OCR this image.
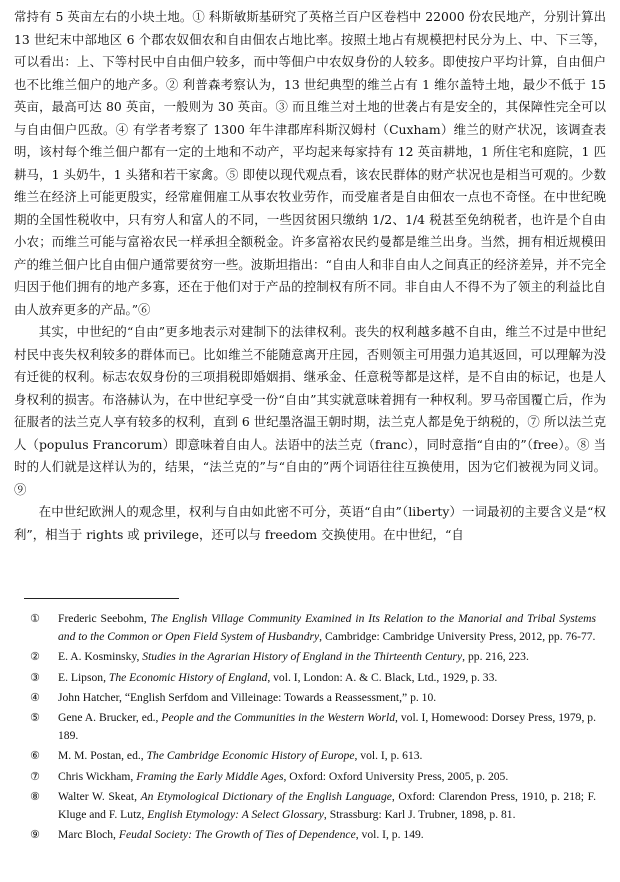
常持有 5 英亩左右的小块土地。① 科斯敏斯基研究了英格兰百户区卷档中 22000 份农民地产，分别计算出 13 世纪末中部地区 6 个郡农奴佃农和自由佃农占地比率。按照土地占有规模把村民分为上、中、下三等，可以看出：上、下等村民中自由佃户较多，而中等佃户中农奴身份的人较多。即使按户平均计算，自由佃户也不比维兰佃户的地产多。② 利普森考察认为，13 世纪典型的维兰占有 1 维尔盖特土地，最少不低于 15 英亩，最高可达 80 英亩，一般则为 30 英亩。③ 而且维兰对土地的世袭占有是安全的，其保障性完全可以与自由佃户匹敌。④ 有学者考察了 1300 年牛津郡库科斯汉姆村（Cuxham）维兰的财产状况，该调查表明，该村每个维兰佃户都有一定的土地和不动产，平均起来每家持有 12 英亩耕地，1 所住宅和庭院，1 匹耕马，1 头奶牛，1 头猪和若干家禽。⑤ 即使以现代观点看，该农民群体的财产状况也是相当可观的。少数维兰在经济上可能更殷实，经常雇佣雇工从事农牧业劳作，而受雇者是自由佃农一点也不奇怪。在中世纪晚期的全国性税收中，只有穷人和富人的不同，一些因贫困只缴纳 1/2、1/4 税甚至免纳税者，也许是个自由小农；而维兰可能与富裕农民一样承担全额税金。许多富裕农民约曼都是维兰出身。当然，拥有相近规模田产的维兰佃户比自由佃户通常要贫穷一些。波斯坦指出：“自由人和非自由人之间真正的经济差异，并不完全归因于他们拥有的地产多寡，还在于他们对于产品的控制权有所不同。非自由人不得不为了领主的利益比自由人放弃更多的产品。”⑥

其实，中世纪的“自由”更多地表示对建制下的法律权利。丧失的权利越多越不自由，维兰不过是中世纪村民中丧失权利较多的群体而已。比如维兰不能随意离开庄园，否则领主可用强力追其返回，可以理解为没有迁徙的权利。标志农奴身份的三项捐税即婚姻捐、继承金、任意税等都是这样，是不自由的标记，也是人身权利的损害。布洛赫认为，在中世纪享受一份“自由”其实就意味着拥有一种权利。罗马帝国覆亡后，作为征服者的法兰克人享有较多的权利，直到 6 世纪墨洛温王朝时期，法兰克人都是免于纳税的，⑦ 所以法兰克人（populus Francorum）即意味着自由人。法语中的法兰克（franc），同时意指“自由的”（free）。⑧ 当时的人们就是这样认为的，结果，“法兰克的”与“自由的”两个词语往往互换使用，因为它们被视为同义词。⑨

在中世纪欧洲人的观念里，权利与自由如此密不可分，英语“自由”（liberty）一词最初的主要含义是“权利”，相当于 rights 或 privilege，还可以与 freedom 交换使用。在中世纪，“自

①	Frederic Seebohm, The English Village Community Examined in Its Relation to the Manorial and Tribal Systems and to the Common or Open Field System of Husbandry, Cambridge: Cambridge University Press, 2012, pp. 76-77.
②	E. A. Kosminsky, Studies in the Agrarian History of England in the Thirteenth Century, pp. 216, 223.
③	E. Lipson, The Economic History of England, vol. I, London: A. & C. Black, Ltd., 1929, p. 33.
④	John Hatcher, “English Serfdom and Villeinage: Towards a Reassessment,” p. 10.
⑤	Gene A. Brucker, ed., People and the Communities in the Western World, vol. I, Homewood: Dorsey Press, 1979, p. 189.
⑥	M. M. Postan, ed., The Cambridge Economic History of Europe, vol. I, p. 613.
⑦	Chris Wickham, Framing the Early Middle Ages, Oxford: Oxford University Press, 2005, p. 205.
⑧	Walter W. Skeat, An Etymological Dictionary of the English Language, Oxford: Clarendon Press, 1910, p. 218; F. Kluge and F. Lutz, English Etymology: A Select Glossary, Strassburg: Karl J. Trubner, 1898, p. 81.
⑨	Marc Bloch, Feudal Society: The Growth of Ties of Dependence, vol. I, p. 149.
